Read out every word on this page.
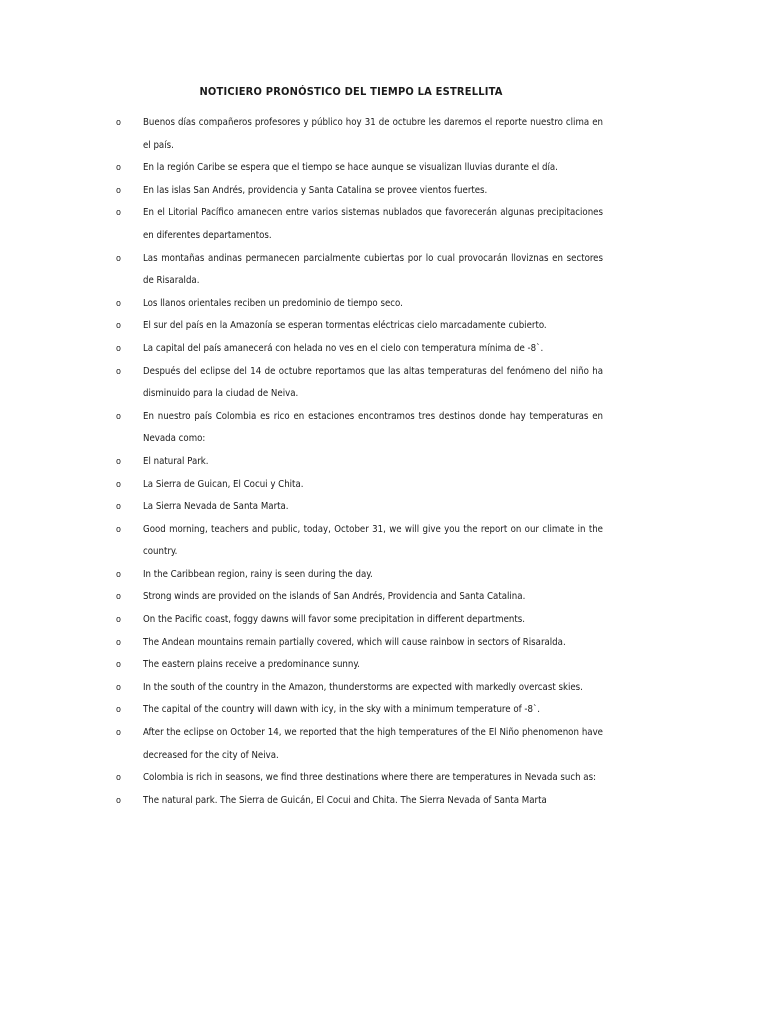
NOTICIERO PRONÓSTICO DEL TIEMPO LA ESTRELLITA
o Buenos días compañeros profesores y público hoy 31 de octubre les daremos el reporte nuestro clima en el país.
o En la región Caribe se espera que el tiempo se hace aunque se visualizan lluvias durante el día.
o En las islas San Andrés, providencia y Santa Catalina se provee vientos fuertes.
o En el Litorial Pacífico amanecen entre varios sistemas nublados que favorecerán algunas precipitaciones en diferentes departamentos.
o Las montañas andinas permanecen parcialmente cubiertas por lo cual provocarán lloviznas en sectores de Risaralda.
o Los llanos orientales reciben un predominio de tiempo seco.
o El sur del país en la Amazonía se esperan tormentas eléctricas cielo marcadamente cubierto.
o La capital del país amanecerá con helada no ves en el cielo con temperatura mínima de -8`.
o Después del eclipse del 14 de octubre reportamos que las altas temperaturas del fenómeno del niño ha disminuido para la ciudad de Neiva.
o En nuestro país Colombia es rico en estaciones encontramos tres destinos donde hay temperaturas en Nevada como:
o El natural Park.
o La Sierra de Guican, El Cocui y Chita.
o La Sierra Nevada de Santa Marta.
o Good morning, teachers and public, today, October 31, we will give you the report on our climate in the country.
o In the Caribbean region, rainy is seen during the day.
o Strong winds are provided on the islands of San Andrés, Providencia and Santa Catalina.
o On the Pacific coast, foggy dawns will favor some precipitation in different departments.
o The Andean mountains remain partially covered, which will cause rainbow in sectors of Risaralda.
o The eastern plains receive a predominance sunny.
o In the south of the country in the Amazon, thunderstorms are expected with markedly overcast skies.
o The capital of the country will dawn with icy, in the sky with a minimum temperature of -8`.
o After the eclipse on October 14, we reported that the high temperatures of the El Niño phenomenon have decreased for the city of Neiva.
o Colombia is rich in seasons, we find three destinations where there are temperatures in Nevada such as:
o The natural park. The Sierra de Guicán, El Cocui and Chita. The Sierra Nevada of Santa Marta
